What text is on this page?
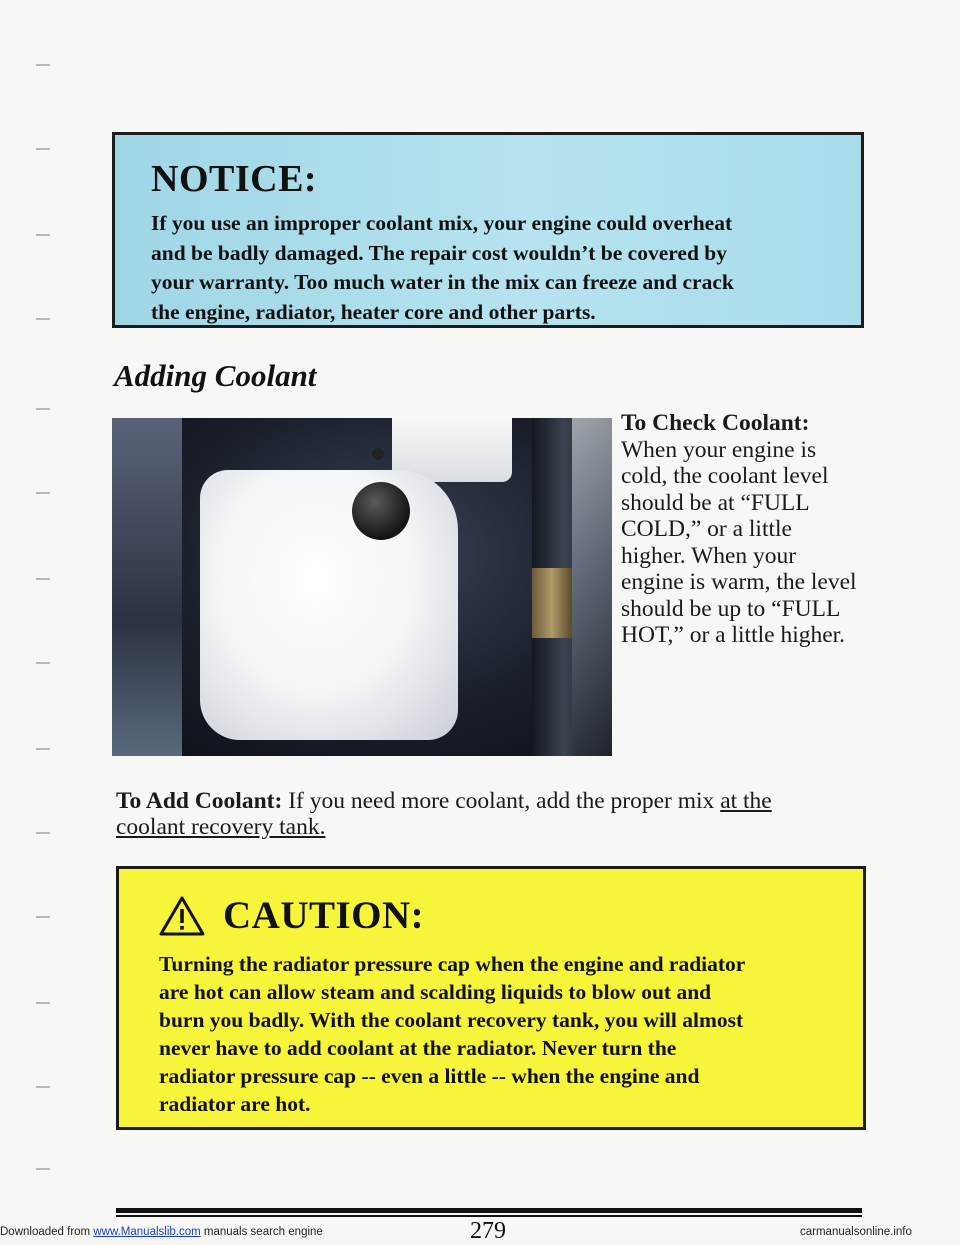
NOTICE:

If you use an improper coolant mix, your engine could overheat
and be badly damaged. The repair cost wouldn’t be covered by
your warranty. Too much water in the mix can freeze and crack
the engine, radiator, heater core and other parts.

Adding Coolant
To Check Coolant:
When your engine is cold, the coolant level should be at “FULL COLD,” or a little higher. When your engine is warm, the level should be up to “FULL HOT,” or a little higher.
To Add Coolant: If you need more coolant, add the proper mix at the coolant recovery tank.
CAUTION:

Turning the radiator pressure cap when the engine and radiator
are hot can allow steam and scalding liquids to blow out and
burn you badly. With the coolant recovery tank, you will almost
never have to add coolant at the radiator. Never turn the
radiator pressure cap -- even a little -- when the engine and
radiator are hot.

Downloaded from www.Manualslib.com manuals search engine	279	carmanualsonline.info
